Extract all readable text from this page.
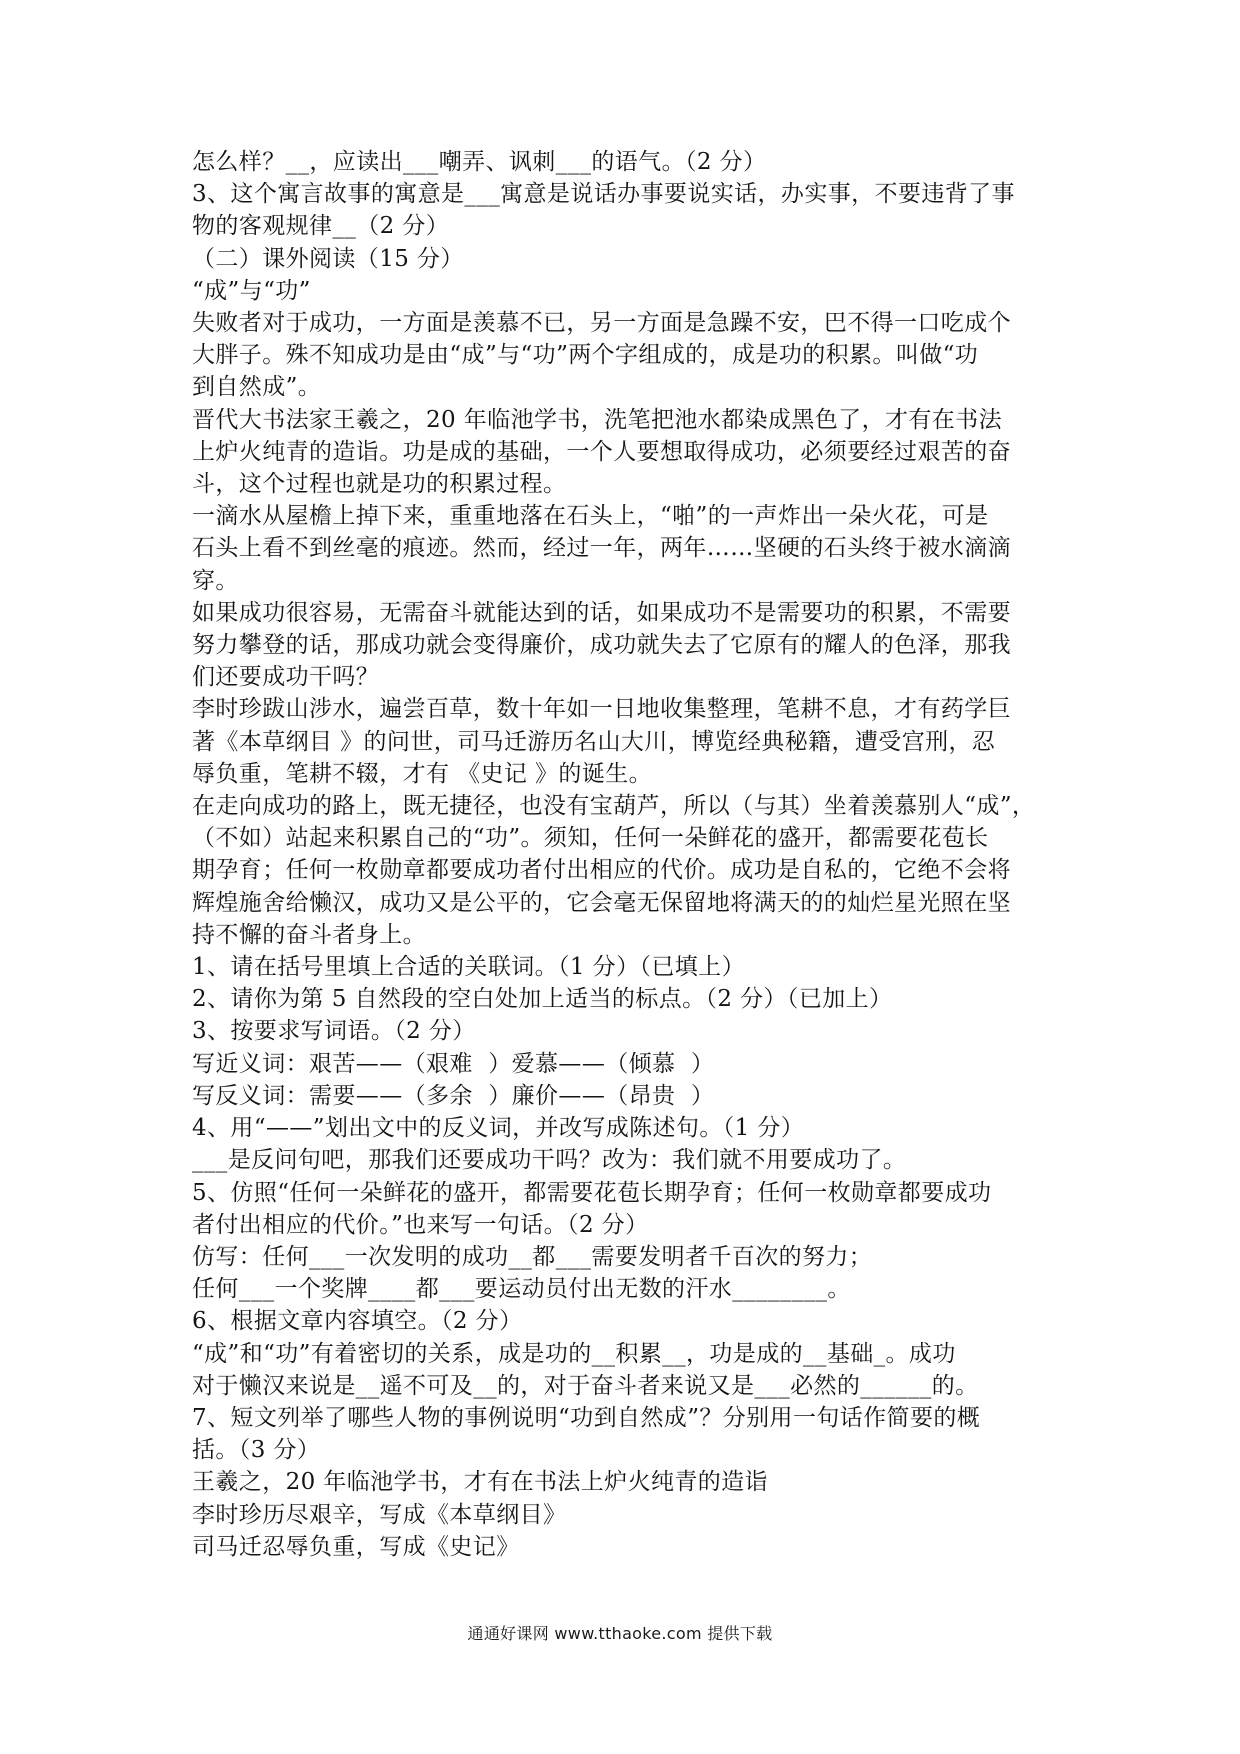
怎么样？__，应读出___嘲弄、讽刺___的语气。（2 分）

3、这个寓言故事的寓意是___寓意是说话办事要说实话，办实事，不要违背了事

物的客观规律__（2 分）

（二）课外阅读（15 分）

“成”与“功”

失败者对于成功，一方面是羡慕不已，另一方面是急躁不安，巴不得一口吃成个

大胖子。殊不知成功是由“成”与“功”两个字组成的，成是功的积累。叫做“功

到自然成”。

晋代大书法家王羲之，20 年临池学书，洗笔把池水都染成黑色了，才有在书法

上炉火纯青的造诣。功是成的基础，一个人要想取得成功，必须要经过艰苦的奋

斗，这个过程也就是功的积累过程。

一滴水从屋檐上掉下来，重重地落在石头上，“啪”的一声炸出一朵火花，可是

石头上看不到丝毫的痕迹。然而，经过一年，两年……坚硬的石头终于被水滴滴

穿。

如果成功很容易，无需奋斗就能达到的话，如果成功不是需要功的积累，不需要

努力攀登的话，那成功就会变得廉价，成功就失去了它原有的耀人的色泽，那我

们还要成功干吗？

李时珍跋山涉水，遍尝百草，数十年如一日地收集整理，笔耕不息，才有药学巨

著《本草纲目 》的问世，司马迁游历名山大川，博览经典秘籍，遭受宫刑，忍

辱负重，笔耕不辍，才有 《史记 》的诞生。

在走向成功的路上，既无捷径，也没有宝葫芦，所以（与其）坐着羡慕别人“成”，

（不如）站起来积累自己的“功”。须知，任何一朵鲜花的盛开，都需要花苞长

期孕育；任何一枚勋章都要成功者付出相应的代价。成功是自私的，它绝不会将

辉煌施舍给懒汉，成功又是公平的，它会毫无保留地将满天的的灿烂星光照在坚

持不懈的奋斗者身上。

1、请在括号里填上合适的关联词。（1 分）（已填上）

2、请你为第 5 自然段的空白处加上适当的标点。（2 分）（已加上）

3、按要求写词语。（2 分）

写近义词：艰苦——（艰难  ）爱慕——（倾慕  ）

写反义词：需要——（多余  ）廉价——（昂贵  ）

4、用“——”划出文中的反义词，并改写成陈述句。（1 分）

___是反问句吧，那我们还要成功干吗？改为：我们就不用要成功了。

5、仿照“任何一朵鲜花的盛开，都需要花苞长期孕育；任何一枚勋章都要成功

者付出相应的代价。”也来写一句话。（2 分）

仿写：任何___一次发明的成功__都___需要发明者千百次的努力；

任何___一个奖牌____都___要运动员付出无数的汗水________。

6、根据文章内容填空。（2 分）

“成”和“功”有着密切的关系，成是功的__积累__，功是成的__基础_。成功

对于懒汉来说是__遥不可及__的，对于奋斗者来说又是___必然的______的。

7、短文列举了哪些人物的事例说明“功到自然成”？分别用一句话作简要的概

括。（3 分）

王羲之，20 年临池学书，才有在书法上炉火纯青的造诣

李时珍历尽艰辛，写成《本草纲目》

司马迁忍辱负重，写成《史记》

通通好课网 www.tthaoke.com 提供下载
